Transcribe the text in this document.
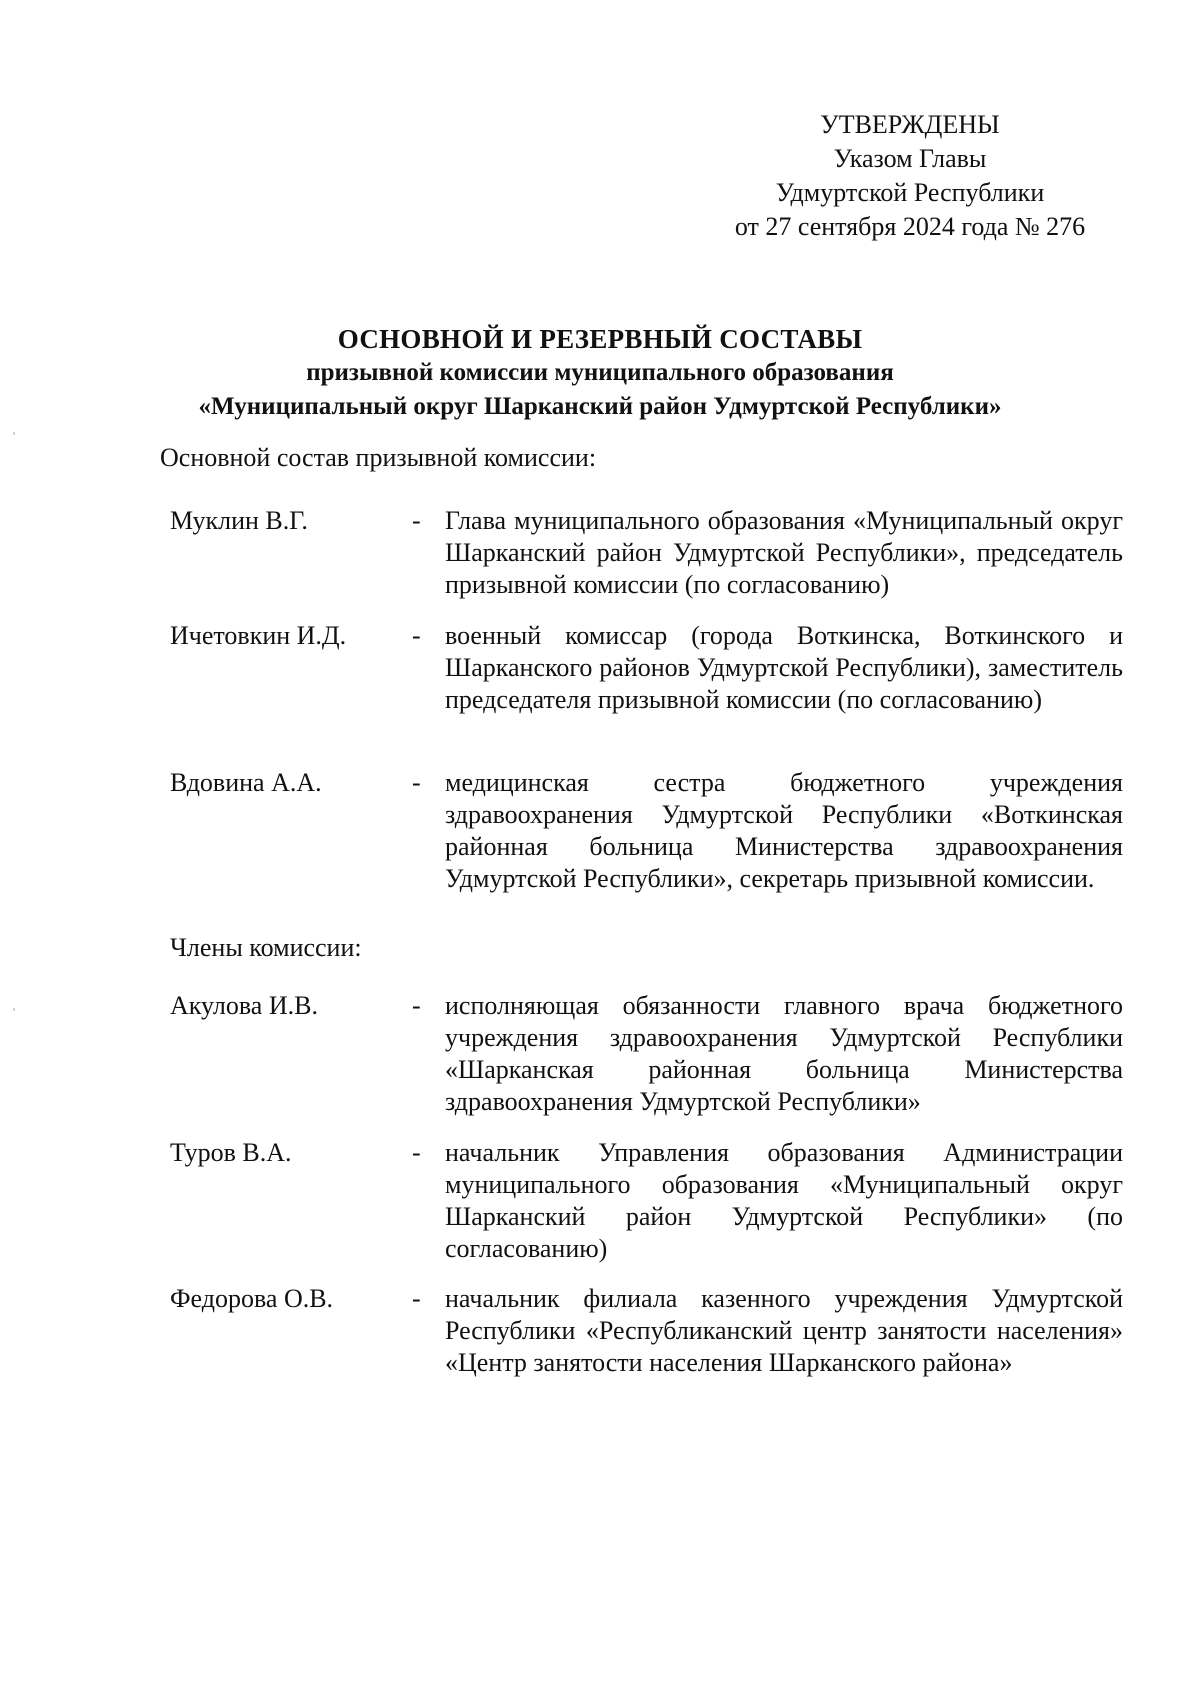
УТВЕРЖДЕНЫ
Указом Главы
Удмуртской Республики
от 27 сентября 2024 года № 276
ОСНОВНОЙ И РЕЗЕРВНЫЙ СОСТАВЫ
призывной комиссии муниципального образования
«Муниципальный округ Шарканский район Удмуртской Республики»
Основной состав призывной комиссии:
Муклин В.Г.	- Глава муниципального образования «Муниципальный округ Шарканский район Удмуртской Республики», председатель призывной комиссии (по согласованию)
Ичетовкин И.Д.	- военный комиссар (города Воткинска, Воткинского и Шарканского районов Удмуртской Республики), заместитель председателя призывной комиссии (по согласованию)
Вдовина А.А.	- медицинская сестра бюджетного учреждения здравоохранения Удмуртской Республики «Воткинская районная больница Министерства здравоохранения Удмуртской Республики», секретарь призывной комиссии.
Члены комиссии:
Акулова И.В.	- исполняющая обязанности главного врача бюджетного учреждения здравоохранения Удмуртской Республики «Шарканская районная больница Министерства здравоохранения Удмуртской Республики»
Туров В.А.	- начальник Управления образования Администрации муниципального образования «Муниципальный округ Шарканский район Удмуртской Республики» (по согласованию)
Федорова О.В.	- начальник филиала казенного учреждения Удмуртской Республики «Республиканский центр занятости населения» «Центр занятости населения Шарканского района»
